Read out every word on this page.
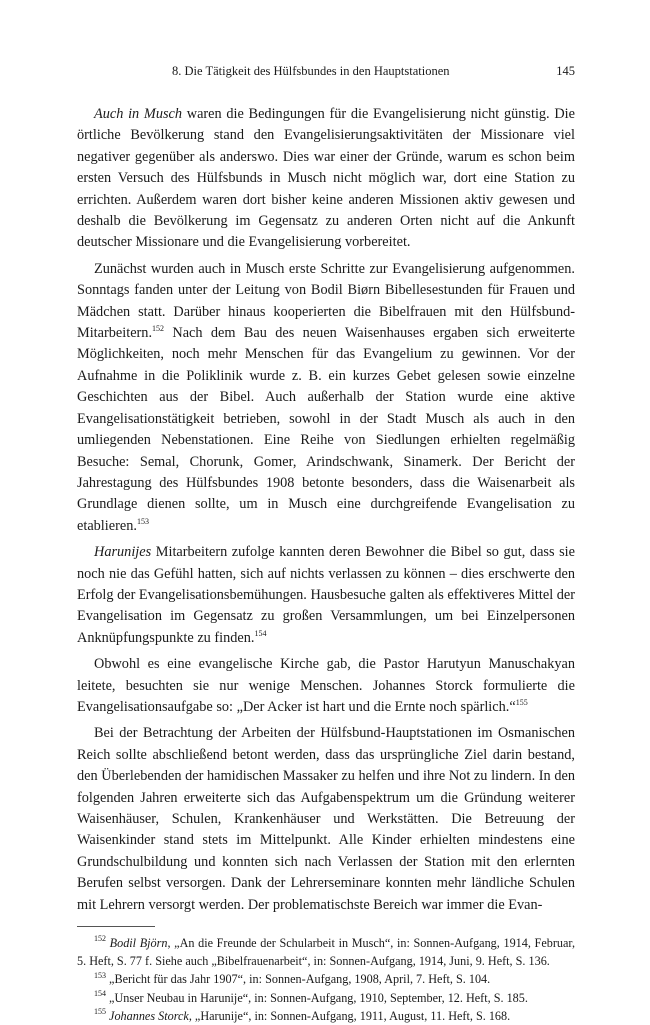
8. Die Tätigkeit des Hülfsbundes in den Hauptstationen	145

Auch in Musch waren die Bedingungen für die Evangelisierung nicht günstig. Die örtliche Bevölkerung stand den Evangelisierungsaktivitäten der Missionare viel negativer gegenüber als anderswo. Dies war einer der Gründe, warum es schon beim ersten Versuch des Hülfsbunds in Musch nicht möglich war, dort eine Station zu errichten. Außerdem waren dort bisher keine anderen Missionen aktiv gewesen und deshalb die Bevölkerung im Gegensatz zu anderen Orten nicht auf die Ankunft deutscher Missionare und die Evangelisierung vorbereitet.

Zunächst wurden auch in Musch erste Schritte zur Evangelisierung aufgenommen. Sonntags fanden unter der Leitung von Bodil Biørn Bibellesestunden für Frauen und Mädchen statt. Darüber hinaus kooperierten die Bibelfrauen mit den Hülfsbund-Mitarbeitern.$^{152}$ Nach dem Bau des neuen Waisenhauses ergaben sich erweiterte Möglichkeiten, noch mehr Menschen für das Evangelium zu gewinnen. Vor der Aufnahme in die Poliklinik wurde z. B. ein kurzes Gebet gelesen sowie einzelne Geschichten aus der Bibel. Auch außerhalb der Station wurde eine aktive Evangelisationstätigkeit betrieben, sowohl in der Stadt Musch als auch in den umliegenden Nebenstationen. Eine Reihe von Siedlungen erhielten regelmäßig Besuche: Semal, Chorunk, Gomer, Arindschwank, Sinamerk. Der Bericht der Jahrestagung des Hülfsbundes 1908 betonte besonders, dass die Waisenarbeit als Grundlage dienen sollte, um in Musch eine durchgreifende Evangelisation zu etablieren.$^{153}$

Harunijes Mitarbeitern zufolge kannten deren Bewohner die Bibel so gut, dass sie noch nie das Gefühl hatten, sich auf nichts verlassen zu können – dies erschwerte den Erfolg der Evangelisationsbemühungen. Hausbesuche galten als effektiveres Mittel der Evangelisation im Gegensatz zu großen Versammlungen, um bei Einzelpersonen Anknüpfungspunkte zu finden.$^{154}$

Obwohl es eine evangelische Kirche gab, die Pastor Harutyun Manuschakyan leitete, besuchten sie nur wenige Menschen. Johannes Storck formulierte die Evangelisationsaufgabe so: „Der Acker ist hart und die Ernte noch spärlich.“$^{155}$

Bei der Betrachtung der Arbeiten der Hülfsbund-Hauptstationen im Osmanischen Reich sollte abschließend betont werden, dass das ursprüngliche Ziel darin bestand, den Überlebenden der hamidischen Massaker zu helfen und ihre Not zu lindern. In den folgenden Jahren erweiterte sich das Aufgabenspektrum um die Gründung weiterer Waisenhäuser, Schulen, Krankenhäuser und Werkstätten. Die Betreuung der Waisenkinder stand stets im Mittelpunkt. Alle Kinder erhielten mindestens eine Grundschulbildung und konnten sich nach Verlassen der Station mit den erlernten Berufen selbst versorgen. Dank der Lehrerseminare konnten mehr ländliche Schulen mit Lehrern versorgt werden. Der problematischste Bereich war immer die Evan-

$^{152}$ Bodil Björn, „An die Freunde der Schularbeit in Musch“, in: Sonnen-Aufgang, 1914, Februar, 5. Heft, S. 77 f. Siehe auch „Bibelfrauenarbeit“, in: Sonnen-Aufgang, 1914, Juni, 9. Heft, S. 136.

$^{153}$ „Bericht für das Jahr 1907“, in: Sonnen-Aufgang, 1908, April, 7. Heft, S. 104.

$^{154}$ „Unser Neubau in Harunije“, in: Sonnen-Aufgang, 1910, September, 12. Heft, S. 185.

$^{155}$ Johannes Storck, „Harunije“, in: Sonnen-Aufgang, 1911, August, 11. Heft, S. 168.
